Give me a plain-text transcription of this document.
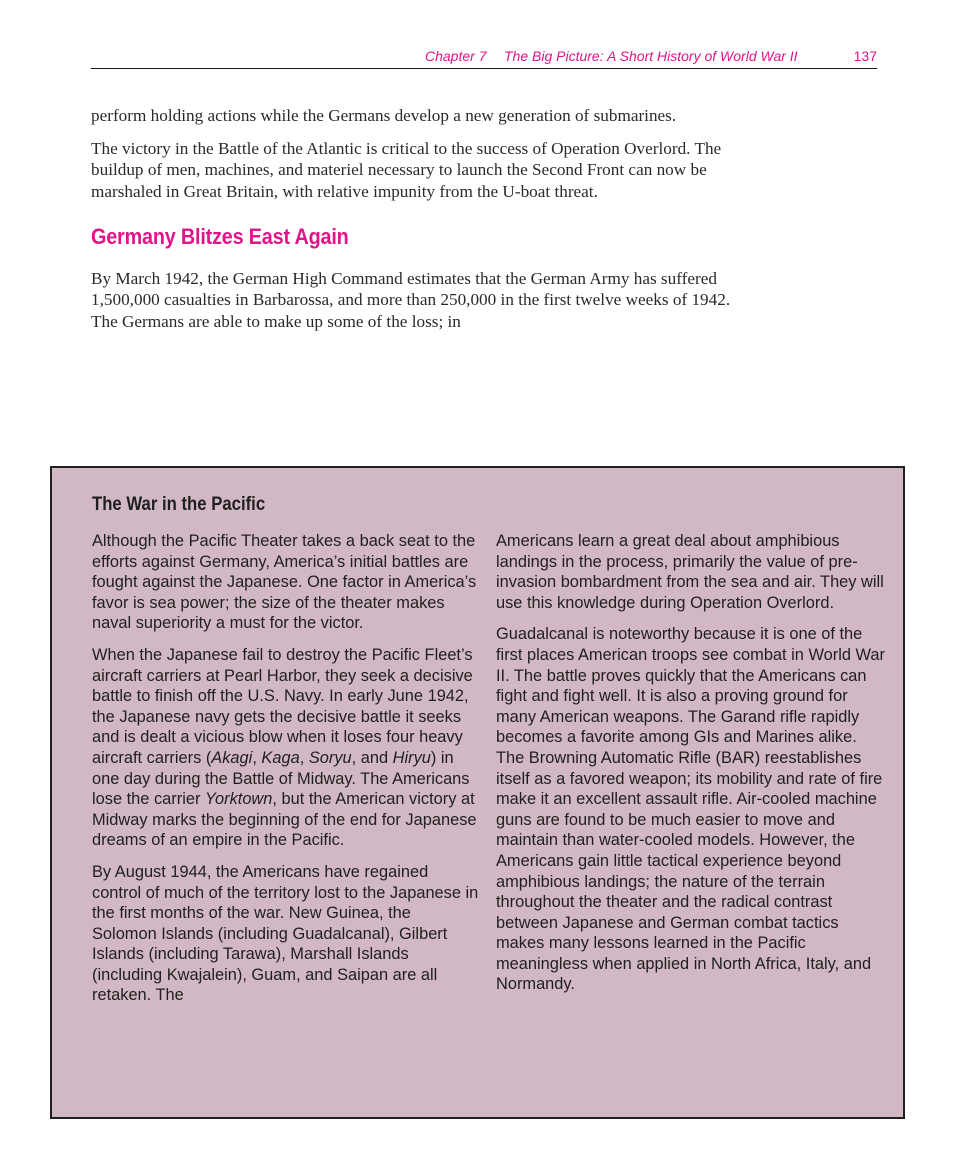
Chapter 7 The Big Picture: A Short History of World War II	137

perform holding actions while the Germans develop a new generation of submarines.

The victory in the Battle of the Atlantic is critical to the success of Operation Overlord. The buildup of men, machines, and materiel necessary to launch the Second Front can now be marshaled in Great Britain, with relative impunity from the U-boat threat.

Germany Blitzes East Again

By March 1942, the German High Command estimates that the German Army has suffered 1,500,000 casualties in Barbarossa, and more than 250,000 in the first twelve weeks of 1942. The Germans are able to make up some of the loss; in

The War in the Pacific

Although the Pacific Theater takes a back seat to the efforts against Germany, America’s initial battles are fought against the Japanese. One factor in America’s favor is sea power; the size of the theater makes naval superiority a must for the victor.

When the Japanese fail to destroy the Pacific Fleet’s aircraft carriers at Pearl Harbor, they seek a decisive battle to finish off the U.S. Navy. In early June 1942, the Japanese navy gets the decisive battle it seeks and is dealt a vicious blow when it loses four heavy aircraft carriers (Akagi, Kaga, Soryu, and Hiryu) in one day during the Battle of Midway. The Americans lose the carrier Yorktown, but the American victory at Midway marks the beginning of the end for Japanese dreams of an empire in the Pacific.

By August 1944, the Americans have regained control of much of the territory lost to the Japanese in the first months of the war. New Guinea, the Solomon Islands (including Guadalcanal), Gilbert Islands (including Tarawa), Marshall Islands (including Kwajalein), Guam, and Saipan are all retaken. The

Americans learn a great deal about amphibious landings in the process, primarily the value of pre-invasion bombardment from the sea and air. They will use this knowledge during Operation Overlord.

Guadalcanal is noteworthy because it is one of the first places American troops see combat in World War II. The battle proves quickly that the Americans can fight and fight well. It is also a proving ground for many American weapons. The Garand rifle rapidly becomes a favorite among GIs and Marines alike. The Browning Automatic Rifle (BAR) reestablishes itself as a favored weapon; its mobility and rate of fire make it an excellent assault rifle. Air-cooled machine guns are found to be much easier to move and maintain than water-cooled models. However, the Americans gain little tactical experience beyond amphibious landings; the nature of the terrain throughout the theater and the radical contrast between Japanese and German combat tactics makes many lessons learned in the Pacific meaningless when applied in North Africa, Italy, and Normandy.
